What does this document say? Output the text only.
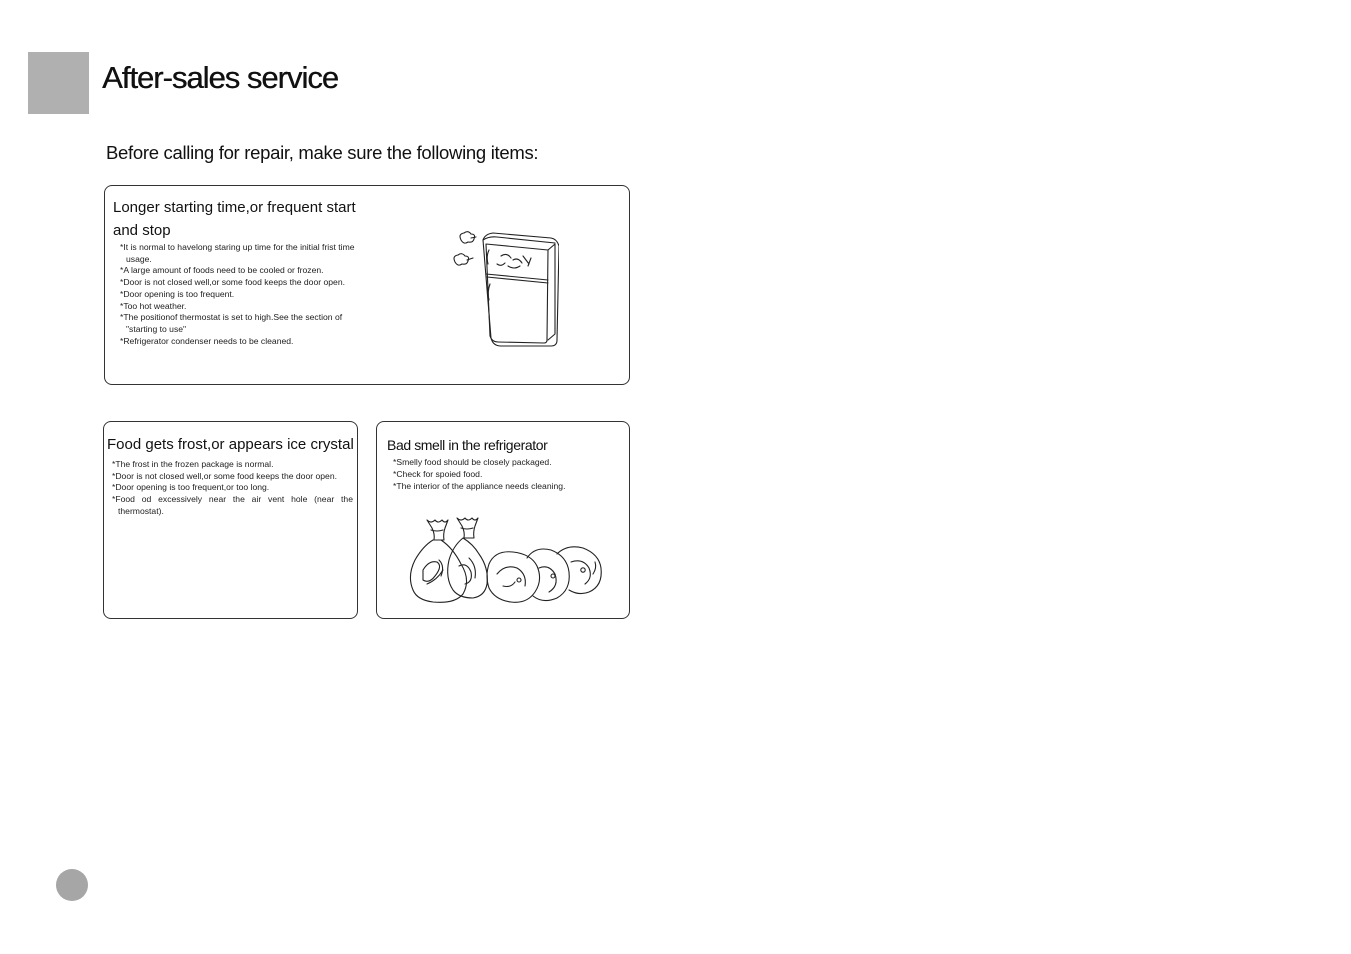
After-sales service

Before calling for repair, make sure the following items:

Longer starting time,or frequent start and stop
*It is normal to havelong staring up time for the initial frist time usage.
*A large amount of foods need to be cooled or frozen.
*Door is not closed well,or some food keeps the door open.
*Door opening is too frequent.
*Too hot weather.
*The positionof thermostat is set to high.See the section of "starting to use"
*Refrigerator condenser needs to be cleaned.
Food gets frost,or appears ice crystal
*The frost in the frozen package is normal.
*Door is not closed well,or some food keeps the door open.
*Door opening is too frequent,or too long.
*Food od excessively near the air vent hole (near the thermostat).
Bad smell in the refrigerator
*Smelly food should be closely packaged.
*Check for spoied food.
*The interior of the appliance needs cleaning.
